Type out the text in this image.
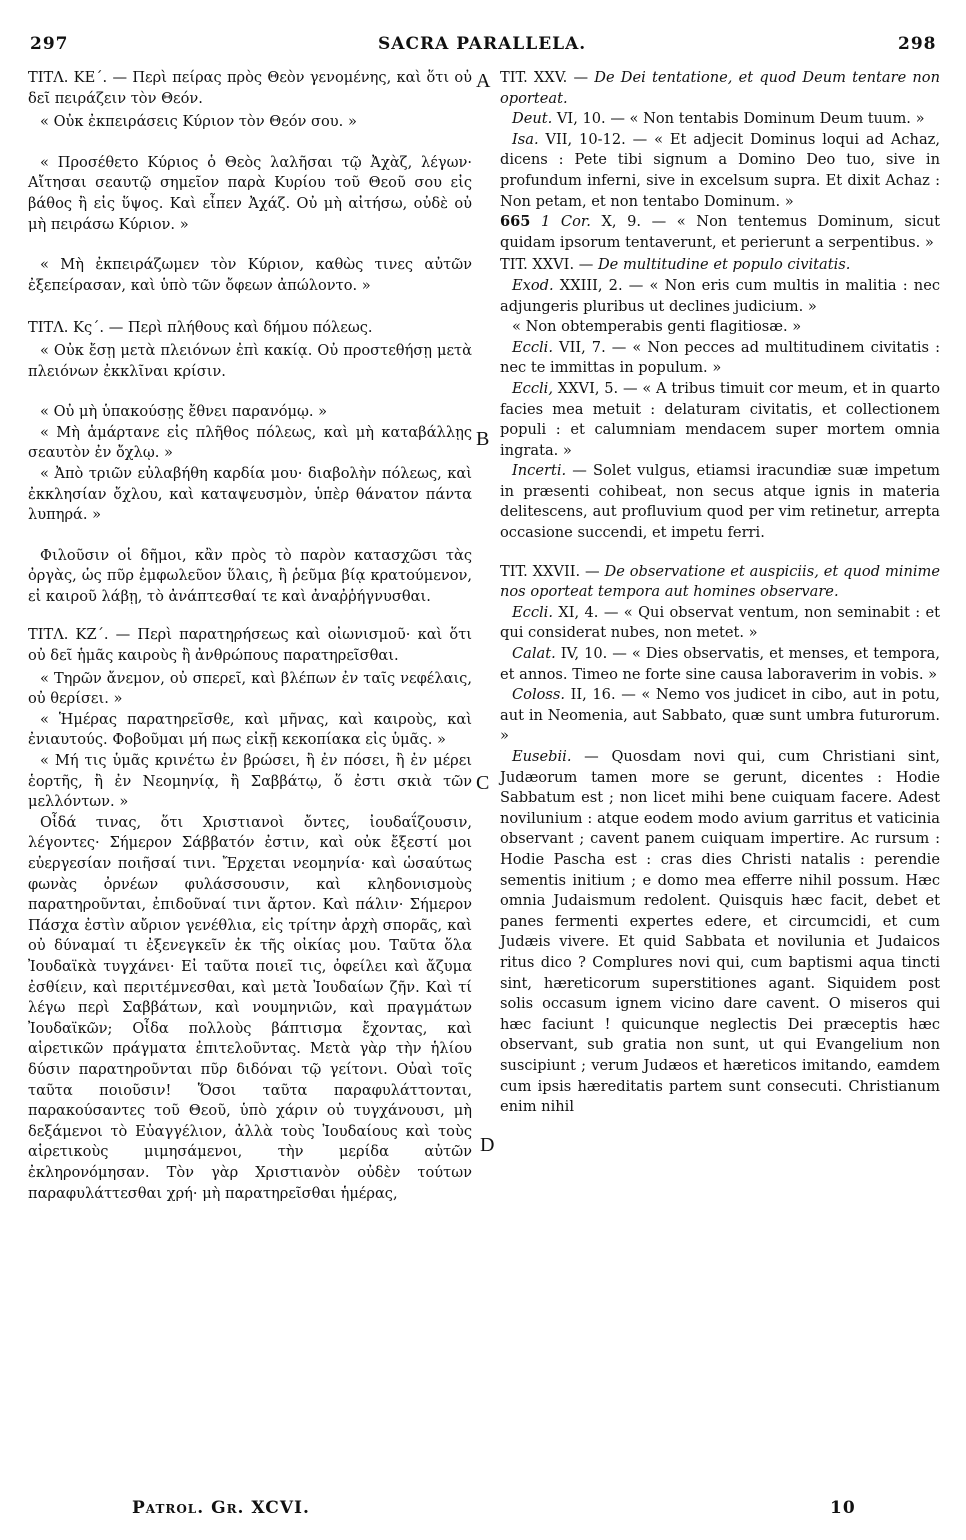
297	SACRA PARALLELA.	298
A
B
C
D

ΤΙΤΛ. ΚΕ΄. — Περὶ πείρας πρὸς Θεὸν γενομένης, καὶ ὅτι οὐ δεῖ πειράζειν τὸν Θεόν.

« Οὐκ ἐκπειράσεις Κύριον τὸν Θεόν σου. »

« Προσέθετο Κύριος ὁ Θεὸς λαλῆσαι τῷ Ἀχὰζ, λέγων· Αἴτησαι σεαυτῷ σημεῖον παρὰ Κυρίου τοῦ Θεοῦ σου εἰς βάθος ἢ εἰς ὕψος. Καὶ εἶπεν Ἀχάζ. Οὐ μὴ αἰτήσω, οὐδὲ οὐ μὴ πειράσω Κύριον. »

« Μὴ ἐκπειράζωμεν τὸν Κύριον, καθὼς τινες αὐτῶν ἐξεπείρασαν, καὶ ὑπὸ τῶν ὄφεων ἀπώλοντο. »

ΤΙΤΛ. Κς΄. — Περὶ πλήθους καὶ δήμου πόλεως.

« Οὐκ ἔσῃ μετὰ πλειόνων ἐπὶ κακίᾳ. Οὐ προστεθήσῃ μετὰ πλειόνων ἐκκλῖναι κρίσιν.

« Οὐ μὴ ὑπακούσῃς ἔθνει παρανόμῳ. »

« Μὴ ἁμάρτανε εἰς πλῆθος πόλεως, καὶ μὴ καταβάλλῃς σεαυτὸν ἐν ὄχλῳ. »

« Ἀπὸ τριῶν εὐλαβήθη καρδία μου· διαβολὴν πόλεως, καὶ ἐκκλησίαν ὄχλου, καὶ καταψευσμὸν, ὑπὲρ θάνατον πάντα λυπηρά. »

Φιλοῦσιν οἱ δῆμοι, κἂν πρὸς τὸ παρὸν κατασχῶσι τὰς ὀργὰς, ὡς πῦρ ἐμφωλεῦον ὕλαις, ἢ ῥεῦμα βίᾳ κρατούμενον, εἰ καιροῦ λάβῃ, τὸ ἀνάπτεσθαί τε καὶ ἀναῤῥήγνυσθαι.

ΤΙΤΛ. ΚΖ΄. — Περὶ παρατηρήσεως καὶ οἰωνισμοῦ· καὶ ὅτι οὐ δεῖ ἡμᾶς καιροὺς ἢ ἀνθρώπους παρατηρεῖσθαι.

« Τηρῶν ἄνεμον, οὐ σπερεῖ, καὶ βλέπων ἐν ταῖς νεφέλαις, οὐ θερίσει. »

« Ἡμέρας παρατηρεῖσθε, καὶ μῆνας, καὶ καιροὺς, καὶ ἐνιαυτούς. Φοβοῦμαι μή πως εἰκῇ κεκοπίακα εἰς ὑμᾶς. »

« Μή τις ὑμᾶς κρινέτω ἐν βρώσει, ἢ ἐν πόσει, ἢ ἐν μέρει ἑορτῆς, ἢ ἐν Νεομηνίᾳ, ἢ Σαββάτῳ, ὅ ἐστι σκιὰ τῶν μελλόντων. »

Οἶδά τινας, ὅτι Χριστιανοὶ ὄντες, ἰουδαΐζουσιν, λέγοντες· Σήμερον Σάββατόν ἐστιν, καὶ οὐκ ἔξεστί μοι εὐεργεσίαν ποιῆσαί τινι. Ἔρχεται νεομηνία· καὶ ὡσαύτως φωνὰς ὀρνέων φυλάσσουσιν, καὶ κληδονισμοὺς παρατηροῦνται, ἐπιδοῦναί τινι ἄρτον. Καὶ πάλιν· Σήμερον Πάσχα ἐστὶν αὔριον γενέθλια, εἰς τρίτην ἀρχὴ σπορᾶς, καὶ οὐ δύναμαί τι ἐξενεγκεῖν ἐκ τῆς οἰκίας μου. Ταῦτα ὅλα Ἰουδαϊκὰ τυγχάνει· Εἰ ταῦτα ποιεῖ τις, ὀφείλει καὶ ἄζυμα ἐσθίειν, καὶ περιτέμνεσθαι, καὶ μετὰ Ἰουδαίων ζῆν. Καὶ τί λέγω περὶ Σαββάτων, καὶ νουμηνιῶν, καὶ πραγμάτων Ἰουδαϊκῶν; Οἶδα πολλοὺς βάπτισμα ἔχοντας, καὶ αἱρετικῶν πράγματα ἐπιτελοῦντας. Μετὰ γὰρ τὴν ἡλίου δύσιν παρατηροῦνται πῦρ διδόναι τῷ γείτονι. Οὐαὶ τοῖς ταῦτα ποιοῦσιν! Ὅσοι ταῦτα παραφυλάττονται, παρακούσαντες τοῦ Θεοῦ, ὑπὸ χάριν οὐ τυγχάνουσι, μὴ δεξάμενοι τὸ Εὐαγγέλιον, ἀλλὰ τοὺς Ἰουδαίους καὶ τοὺς αἱρετικοὺς μιμησάμενοι, τὴν μερίδα αὐτῶν ἐκληρονόμησαν. Τὸν γὰρ Χριστιανὸν οὐδὲν τούτων παραφυλάττεσθαι χρή· μὴ παρατηρεῖσθαι ἡμέρας,

TIT. XXV. — De Dei tentatione, et quod Deum tentare non oporteat.

Deut. VI, 10. — « Non tentabis Dominum Deum tuum. »

Isa. VII, 10-12. — « Et adjecit Dominus loqui ad Achaz, dicens : Pete tibi signum a Domino Deo tuo, sive in profundum inferni, sive in excelsum supra. Et dixit Achaz : Non petam, et non tentabo Dominum. »

665 1 Cor. X, 9. — « Non tentemus Dominum, sicut quidam ipsorum tentaverunt, et perierunt a serpentibus. »

TIT. XXVI. — De multitudine et populo civitatis.

Exod. XXIII, 2. — « Non eris cum multis in malitia : nec adjungeris pluribus ut declines judicium. »

« Non obtemperabis genti flagitiosæ. »

Eccli. VII, 7. — « Non pecces ad multitudinem civitatis : nec te immittas in populum. »

Eccli, XXVI, 5. — « A tribus timuit cor meum, et in quarto facies mea metuit : delaturam civitatis, et collectionem populi : et calumniam mendacem super mortem omnia ingrata. »

Incerti. — Solet vulgus, etiamsi iracundiæ suæ impetum in præsenti cohibeat, non secus atque ignis in materia delitescens, aut profluvium quod per vim retinetur, arrepta occasione succendi, et impetu ferri.

TIT. XXVII. — De observatione et auspiciis, et quod minime nos oporteat tempora aut homines observare.

Eccli. XI, 4. — « Qui observat ventum, non seminabit : et qui considerat nubes, non metet. »

Calat. IV, 10. — « Dies observatis, et menses, et tempora, et annos. Timeo ne forte sine causa laboraverim in vobis. »

Coloss. II, 16. — « Nemo vos judicet in cibo, aut in potu, aut in Neomenia, aut Sabbato, quæ sunt umbra futurorum. »

Eusebii. — Quosdam novi qui, cum Christiani sint, Judæorum tamen more se gerunt, dicentes : Hodie Sabbatum est ; non licet mihi bene cuiquam facere. Adest novilunium : atque eodem modo avium garritus et vaticinia observant ; cavent panem cuiquam impertire. Ac rursum : Hodie Pascha est : cras dies Christi natalis : perendie sementis initium ; e domo mea efferre nihil possum. Hæc omnia Judaismum redolent. Quisquis hæc facit, debet et panes fermenti expertes edere, et circumcidi, et cum Judæis vivere. Et quid Sabbata et novilunia et Judaicos ritus dico ? Complures novi qui, cum baptismi aqua tincti sint, hæreticorum superstitiones agant. Siquidem post solis occasum ignem vicino dare cavent. O miseros qui hæc faciunt ! quicunque neglectis Dei præceptis hæc observant, sub gratia non sunt, ut qui Evangelium non suscipiunt ; verum Judæos et hæreticos imitando, eamdem cum ipsis hæreditatis partem sunt consecuti. Christianum enim nihil

Patrol. Gr. XCVI.	10
